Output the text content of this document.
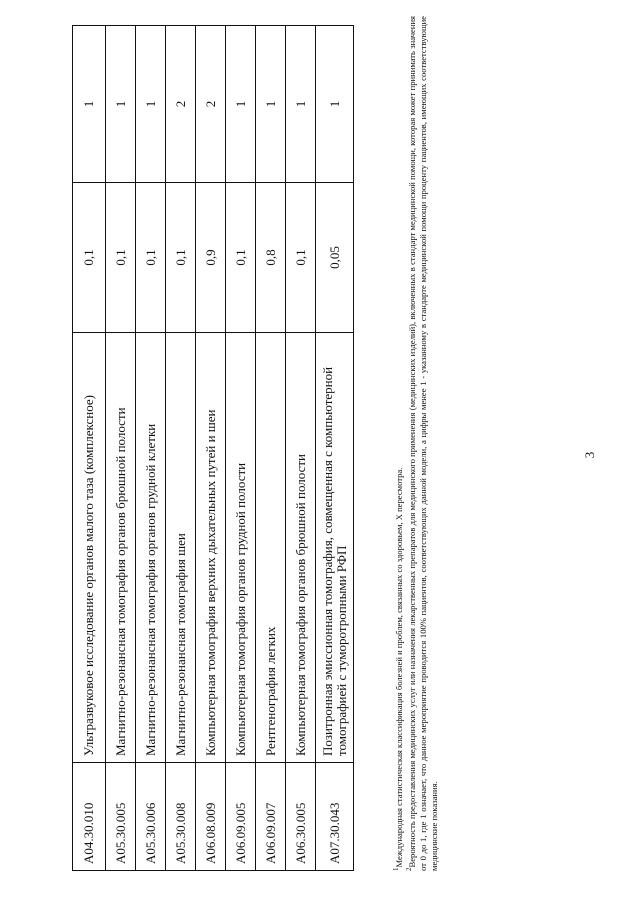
3
A04.30.010	Ультразвуковое исследование органов малого таза (комплексное)	0,1	1
A05.30.005	Магнитно-резонансная томография органов брюшной полости	0,1	1
A05.30.006	Магнитно-резонансная томография органов грудной клетки	0,1	1
A05.30.008	Магнитно-резонансная томография шеи	0,1	2
A06.08.009	Компьютерная томография верхних дыхательных путей и шеи	0,9	2
A06.09.005	Компьютерная томография органов грудной полости	0,1	1
A06.09.007	Рентгенография легких	0,8	1
A06.30.005	Компьютерная томография органов брюшной полости	0,1	1
A07.30.043	Позитронная эмиссионная томография, совмещенная с компьютерной томографией с туморотропными РФП	0,05	1

$^1$Международная статистическая классификация болезней и проблем, связанных со здоровьем, X пересмотра.

$^2$Вероятность предоставления медицинских услуг или назначения лекарственных препаратов для медицинского применения (медицинских изделий), включенных в стандарт медицинской помощи, которая может принимать значения от 0 до 1, где 1 означает, что данное мероприятие проводится 100% пациентов, соответствующих данной модели, а цифры менее 1 - указанному в стандарте медицинской помощи проценту пациентов, имеющих соответствующие медицинские показания.
